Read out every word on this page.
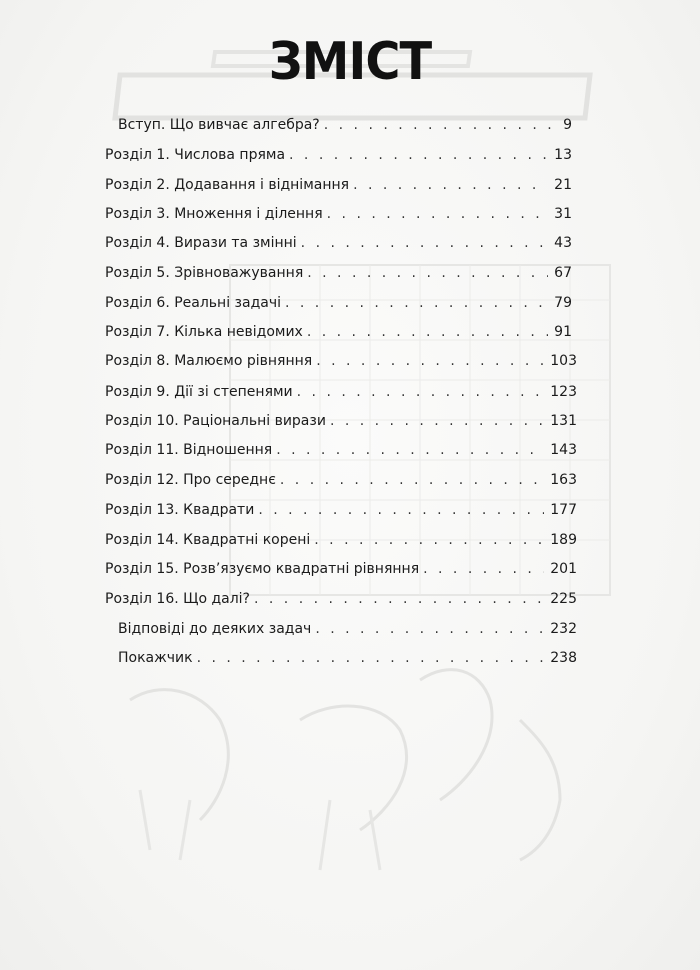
ЗМІСТ
Вступ. Що вивчає алгебра? . . .	9
Розділ 1. Числова пряма . . .	13
Розділ 2. Додавання і віднімання . . .	21
Розділ 3. Множення і ділення . . .	31
Розділ 4. Вирази та змінні . . .	43
Розділ 5. Зрівноважування . . .	67
Розділ 6. Реальні задачі . . .	79
Розділ 7. Кілька невідомих . . .	91
Розділ 8. Малюємо рівняння . . .	103
Розділ 9. Дії зі степенями . . .	123
Розділ 10. Раціональні вирази . . .	131
Розділ 11. Відношення . . .	143
Розділ 12. Про середнє . . .	163
Розділ 13. Квадрати . . .	177
Розділ 14. Квадратні корені . . .	189
Розділ 15. Розв’язуємо квадратні рівняння . . .	201
Розділ 16. Що далі? . . .	225
Відповіді до деяких задач . . .	232
Покажчик . . .	238
